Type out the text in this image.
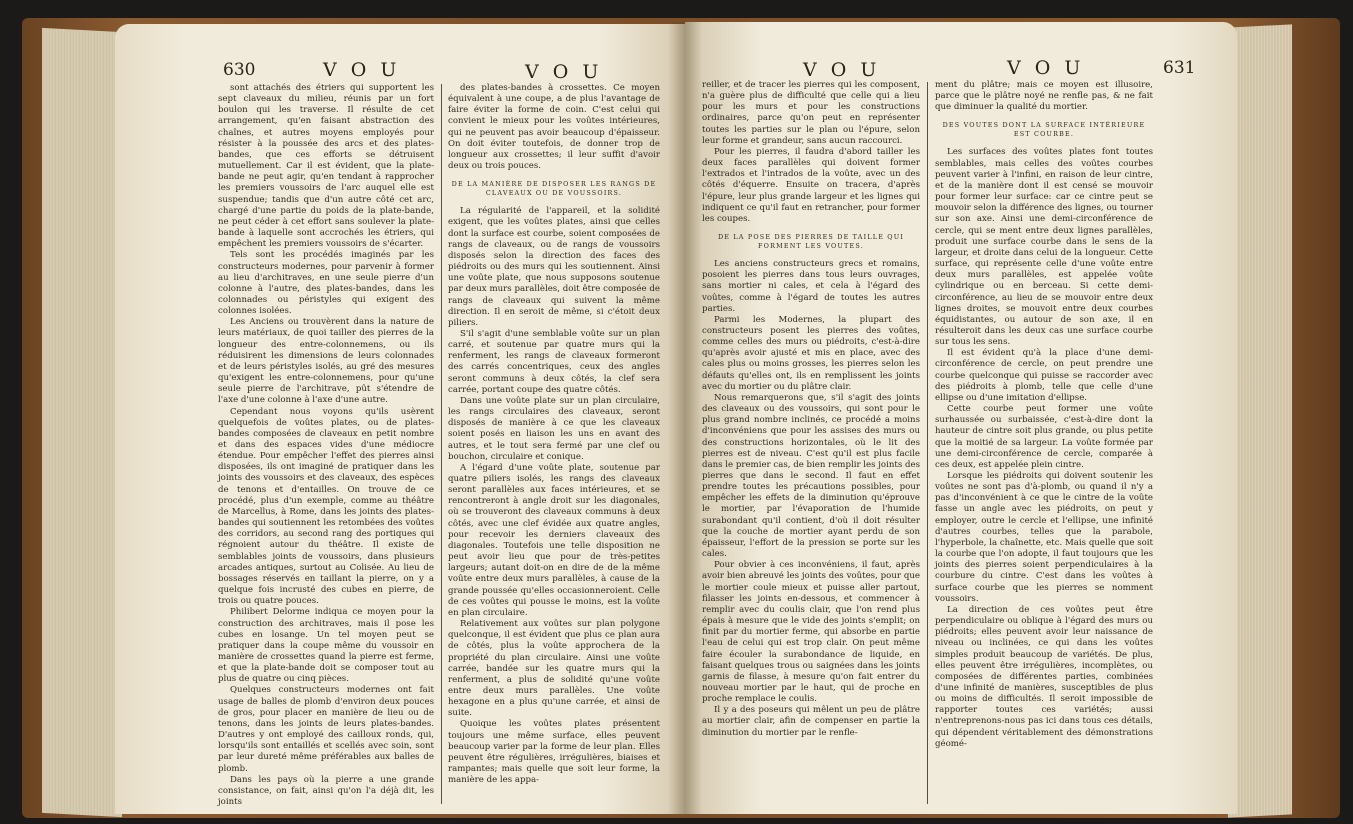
630	V O U	V O U

sont attachés des étriers qui supportent les sept claveaux du milieu, réunis par un fort boulon qui les traverse. Il résulte de cet arrangement, qu'en faisant abstraction des chaînes, et autres moyens employés pour résister à la poussée des arcs et des plates-bandes, que ces efforts se détruisent mutuellement. Car il est évident, que la plate-bande ne peut agir, qu'en tendant à rapprocher les premiers voussoirs de l'arc auquel elle est suspendue; tandis que d'un autre côté cet arc, chargé d'une partie du poids de la plate-bande, ne peut céder à cet effort sans soulever la plate-bande à laquelle sont accrochés les étriers, qui empêchent les premiers voussoirs de s'écarter.

Tels sont les procédés imaginés par les constructeurs modernes, pour parvenir à former au lieu d'architraves, en une seule pierre d'un colonne à l'autre, des plates-bandes, dans les colonnades ou péristyles qui exigent des colonnes isolées.

Les Anciens ou trouvèrent dans la nature de leurs matériaux, de quoi tailler des pierres de la longueur des entre-colonnemens, ou ils réduisirent les dimensions de leurs colonnades et de leurs péristyles isolés, au gré des mesures qu'exigent les entre-colonnemens, pour qu'une seule pierre de l'architrave, pût s'étendre de l'axe d'une colonne à l'axe d'une autre.

Cependant nous voyons qu'ils usèrent quelquefois de voûtes plates, ou de plates-bandes composées de claveaux en petit nombre et dans des espaces vides d'une médiocre étendue. Pour empêcher l'effet des pierres ainsi disposées, ils ont imaginé de pratiquer dans les joints des voussoirs et des claveaux, des espèces de tenons et d'entailles. On trouve de ce procédé, plus d'un exemple, comme au théâtre de Marcellus, à Rome, dans les joints des plates-bandes qui soutiennent les retombées des voûtes des corridors, au second rang des portiques qui régnoient autour du théâtre. Il existe de semblables joints de voussoirs, dans plusieurs arcades antiques, surtout au Colisée. Au lieu de bossages réservés en taillant la pierre, on y a quelque fois incrusté des cubes en pierre, de trois ou quatre pouces.

Philibert Delorme indiqua ce moyen pour la construction des architraves, mais il pose les cubes en losange. Un tel moyen peut se pratiquer dans la coupe même du voussoir en manière de crossettes quand la pierre est ferme, et que la plate-bande doit se composer tout au plus de quatre ou cinq pièces.

Quelques constructeurs modernes ont fait usage de balles de plomb d'environ deux pouces de gros, pour placer en manière de lieu ou de tenons, dans les joints de leurs plates-bandes. D'autres y ont employé des cailloux ronds, qui, lorsqu'ils sont entaillés et scellés avec soin, sont par leur dureté même préférables aux balles de plomb.

Dans les pays où la pierre a une grande consistance, on fait, ainsi qu'on l'a déjà dit, les joints

des plates-bandes à crossettes. Ce moyen équivalent à une coupe, a de plus l'avantage de faire éviter la forme de coin. C'est celui qui convient le mieux pour les voûtes intérieures, qui ne peuvent pas avoir beaucoup d'épaisseur. On doit éviter toutefois, de donner trop de longueur aux crossettes; il leur suffit d'avoir deux ou trois pouces.

DE LA MANIÈRE DE DISPOSER LES RANGS DE CLAVEAUX OU DE VOUSSOIRS.

La régularité de l'appareil, et la solidité exigent, que les voûtes plates, ainsi que celles dont la surface est courbe, soient composées de rangs de claveaux, ou de rangs de voussoirs disposés selon la direction des faces des piédroits ou des murs qui les soutiennent. Ainsi une voûte plate, que nous supposons soutenue par deux murs parallèles, doit être composée de rangs de claveaux qui suivent la même direction. Il en seroit de même, si c'étoit deux piliers.

S'il s'agit d'une semblable voûte sur un plan carré, et soutenue par quatre murs qui la renferment, les rangs de claveaux formeront des carrés concentriques, ceux des angles seront communs à deux côtés, la clef sera carrée, portant coupe des quatre côtés.

Dans une voûte plate sur un plan circulaire, les rangs circulaires des claveaux, seront disposés de manière à ce que les claveaux soient posés en liaison les uns en avant des autres, et le tout sera fermé par une clef ou bouchon, circulaire et conique.

A l'égard d'une voûte plate, soutenue par quatre piliers isolés, les rangs des claveaux seront parallèles aux faces intérieures, et se rencontreront à angle droit sur les diagonales, où se trouveront des claveaux communs à deux côtés, avec une clef évidée aux quatre angles, pour recevoir les derniers claveaux des diagonales. Toutefois une telle disposition ne peut avoir lieu que pour de très-petites largeurs; autant doit-on en dire de de la même voûte entre deux murs parallèles, à cause de la grande poussée qu'elles occasionneroient. Celle de ces voûtes qui pousse le moins, est la voûte en plan circulaire.

Relativement aux voûtes sur plan polygone quelconque, il est évident que plus ce plan aura de côtés, plus la voûte approchera de la propriété du plan circulaire. Ainsi une voûte carrée, bandée sur les quatre murs qui la renferment, a plus de solidité qu'une voûte entre deux murs parallèles. Une voûte hexagone en a plus qu'une carrée, et ainsi de suite.

Quoique les voûtes plates présentent toujours une même surface, elles peuvent beaucoup varier par la forme de leur plan. Elles peuvent être régulières, irrégulières, biaises et rampantes; mais quelle que soit leur forme, la manière de les appa-

V O U	V O U	631

reiller, et de tracer les pierres qui les composent, n'a guère plus de difficulté que celle qui a lieu pour les murs et pour les constructions ordinaires, parce qu'on peut en représenter toutes les parties sur le plan ou l'épure, selon leur forme et grandeur, sans aucun raccourci.

Pour les pierres, il faudra d'abord tailler les deux faces parallèles qui doivent former l'extrados et l'intrados de la voûte, avec un des côtés d'équerre. Ensuite on tracera, d'après l'épure, leur plus grande largeur et les lignes qui indiquent ce qu'il faut en retrancher, pour former les coupes.

DE LA POSE DES PIERRES DE TAILLE QUI FORMENT LES VOUTES.

Les anciens constructeurs grecs et romains, posoient les pierres dans tous leurs ouvrages, sans mortier ni cales, et cela à l'égard des voûtes, comme à l'égard de toutes les autres parties.

Parmi les Modernes, la plupart des constructeurs posent les pierres des voûtes, comme celles des murs ou piédroits, c'est-à-dire qu'après avoir ajusté et mis en place, avec des cales plus ou moins grosses, les pierres selon les défauts qu'elles ont, ils en remplissent les joints avec du mortier ou du plâtre clair.

Nous remarquerons que, s'il s'agit des joints des claveaux ou des voussoirs, qui sont pour le plus grand nombre inclinés, ce procédé a moins d'inconvéniens que pour les assises des murs ou des constructions horizontales, où le lit des pierres est de niveau. C'est qu'il est plus facile dans le premier cas, de bien remplir les joints des pierres que dans le second. Il faut en effet prendre toutes les précautions possibles, pour empêcher les effets de la diminution qu'éprouve le mortier, par l'évaporation de l'humide surabondant qu'il contient, d'où il doit résulter que la couche de mortier ayant perdu de son épaisseur, l'effort de la pression se porte sur les cales.

Pour obvier à ces inconvéniens, il faut, après avoir bien abreuvé les joints des voûtes, pour que le mortier coule mieux et puisse aller partout, filasser les joints en-dessous, et commencer à remplir avec du coulis clair, que l'on rend plus épais à mesure que le vide des joints s'emplit; on finit par du mortier ferme, qui absorbe en partie l'eau de celui qui est trop clair. On peut même faire écouler la surabondance de liquide, en faisant quelques trous ou saignées dans les joints garnis de filasse, à mesure qu'on fait entrer du nouveau mortier par le haut, qui de proche en proche remplace le coulis.

Il y a des poseurs qui mêlent un peu de plâtre au mortier clair, afin de compenser en partie la diminution du mortier par le renfle-

ment du plâtre; mais ce moyen est illusoire, parce que le plâtre noyé ne renfle pas, & ne fait que diminuer la qualité du mortier.

DES VOUTES DONT LA SURFACE INTÉRIEURE EST COURBE.

Les surfaces des voûtes plates font toutes semblables, mais celles des voûtes courbes peuvent varier à l'infini, en raison de leur cintre, et de la manière dont il est censé se mouvoir pour former leur surface: car ce cintre peut se mouvoir selon la différence des lignes, ou tourner sur son axe. Ainsi une demi-circonférence de cercle, qui se ment entre deux lignes parallèles, produit une surface courbe dans le sens de la largeur, et droite dans celui de la longueur. Cette surface, qui représente celle d'une voûte entre deux murs parallèles, est appelée voûte cylindrique ou en berceau. Si cette demi-circonférence, au lieu de se mouvoir entre deux lignes droites, se mouvoit entre deux courbes équidistantes, ou autour de son axe, il en résulteroit dans les deux cas une surface courbe sur tous les sens.

Il est évident qu'à la place d'une demi-circonférence de cercle, on peut prendre une courbe quelconque qui puisse se raccorder avec des piédroits à plomb, telle que celle d'une ellipse ou d'une imitation d'ellipse.

Cette courbe peut former une voûte surhaussée ou surbaissée, c'est-à-dire dont la hauteur de cintre soit plus grande, ou plus petite que la moitié de sa largeur. La voûte formée par une demi-circonférence de cercle, comparée à ces deux, est appelée plein cintre.

Lorsque les piédroits qui doivent soutenir les voûtes ne sont pas d'à-plomb, ou quand il n'y a pas d'inconvénient à ce que le cintre de la voûte fasse un angle avec les piédroits, on peut y employer, outre le cercle et l'ellipse, une infinité d'autres courbes, telles que la parabole, l'hyperbole, la chaînette, etc. Mais quelle que soit la courbe que l'on adopte, il faut toujours que les joints des pierres soient perpendiculaires à la courbure du cintre. C'est dans les voûtes à surface courbe que les pierres se nomment voussoirs.

La direction de ces voûtes peut être perpendiculaire ou oblique à l'égard des murs ou piédroits; elles peuvent avoir leur naissance de niveau ou inclinées, ce qui dans les voûtes simples produit beaucoup de variétés. De plus, elles peuvent être irrégulières, incomplètes, ou composées de différentes parties, combinées d'une infinité de manières, susceptibles de plus ou moins de difficultés. Il seroit impossible de rapporter toutes ces variétés; aussi n'entreprenons-nous pas ici dans tous ces détails, qui dépendent véritablement des démonstrations géomé-
